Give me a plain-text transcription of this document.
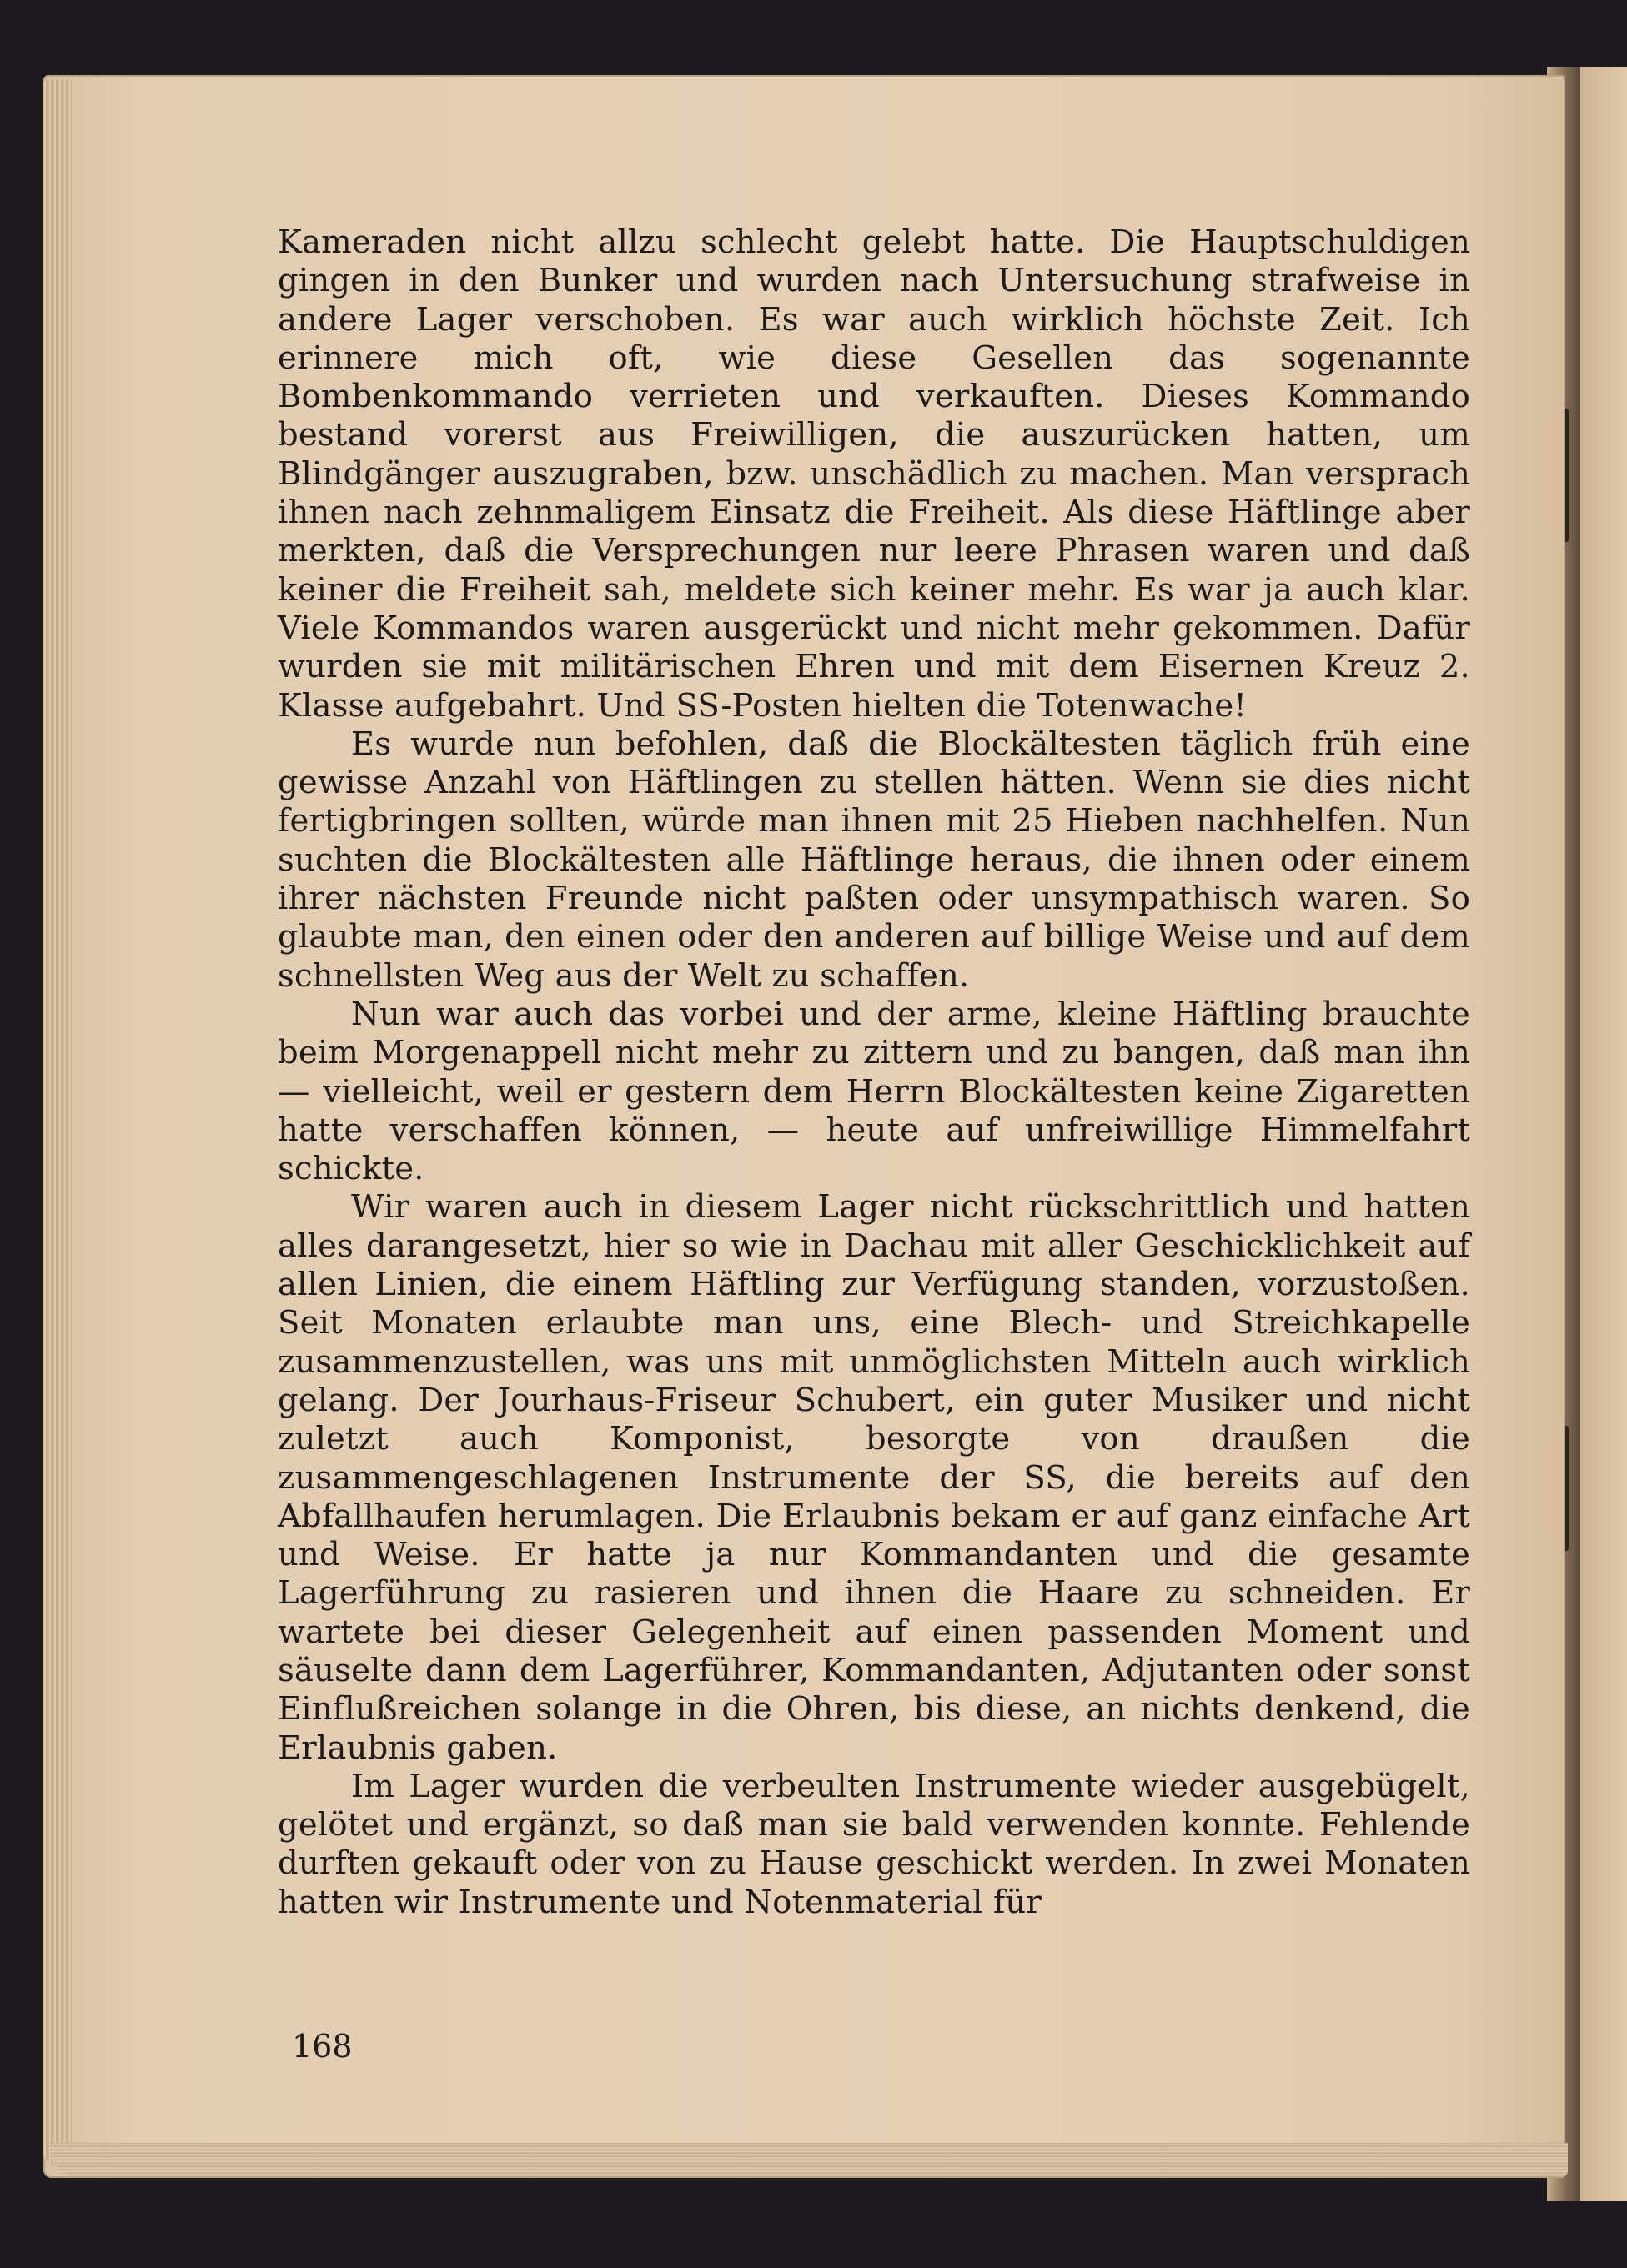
Kameraden nicht allzu schlecht gelebt hatte. Die Hauptschuldigen gingen in den Bunker und wurden nach Untersuchung strafweise in andere Lager verschoben. Es war auch wirklich höchste Zeit. Ich erinnere mich oft, wie diese Gesellen das sogenannte Bombenkommando verrieten und verkauften. Dieses Kommando bestand vorerst aus Freiwilligen, die auszurücken hatten, um Blindgänger auszugraben, bzw. unschädlich zu machen. Man versprach ihnen nach zehnmaligem Einsatz die Freiheit. Als diese Häftlinge aber merkten, daß die Versprechungen nur leere Phrasen waren und daß keiner die Freiheit sah, meldete sich keiner mehr. Es war ja auch klar. Viele Kommandos waren ausgerückt und nicht mehr gekommen. Dafür wurden sie mit militärischen Ehren und mit dem Eisernen Kreuz 2. Klasse aufgebahrt. Und SS-Posten hielten die Totenwache!

Es wurde nun befohlen, daß die Blockältesten täglich früh eine gewisse Anzahl von Häftlingen zu stellen hätten. Wenn sie dies nicht fertigbringen sollten, würde man ihnen mit 25 Hieben nachhelfen. Nun suchten die Blockältesten alle Häftlinge heraus, die ihnen oder einem ihrer nächsten Freunde nicht paßten oder unsympathisch waren. So glaubte man, den einen oder den anderen auf billige Weise und auf dem schnellsten Weg aus der Welt zu schaffen.

Nun war auch das vorbei und der arme, kleine Häftling brauchte beim Morgenappell nicht mehr zu zittern und zu bangen, daß man ihn — vielleicht, weil er gestern dem Herrn Blockältesten keine Zigaretten hatte verschaffen können, — heute auf unfreiwillige Himmelfahrt schickte.

Wir waren auch in diesem Lager nicht rückschrittlich und hatten alles darangesetzt, hier so wie in Dachau mit aller Geschicklichkeit auf allen Linien, die einem Häftling zur Verfügung standen, vorzustoßen. Seit Monaten erlaubte man uns, eine Blech- und Streichkapelle zusammenzustellen, was uns mit unmöglichsten Mitteln auch wirklich gelang. Der Jourhaus-Friseur Schubert, ein guter Musiker und nicht zuletzt auch Komponist, besorgte von draußen die zusammengeschlagenen Instrumente der SS, die bereits auf den Abfallhaufen herumlagen. Die Erlaubnis bekam er auf ganz einfache Art und Weise. Er hatte ja nur Kommandanten und die gesamte Lagerführung zu rasieren und ihnen die Haare zu schneiden. Er wartete bei dieser Gelegenheit auf einen passenden Moment und säuselte dann dem Lagerführer, Kommandanten, Adjutanten oder sonst Einflußreichen solange in die Ohren, bis diese, an nichts denkend, die Erlaubnis gaben.

Im Lager wurden die verbeulten Instrumente wieder ausgebügelt, gelötet und ergänzt, so daß man sie bald verwenden konnte. Fehlende durften gekauft oder von zu Hause geschickt werden. In zwei Monaten hatten wir Instrumente und Notenmaterial für

168
